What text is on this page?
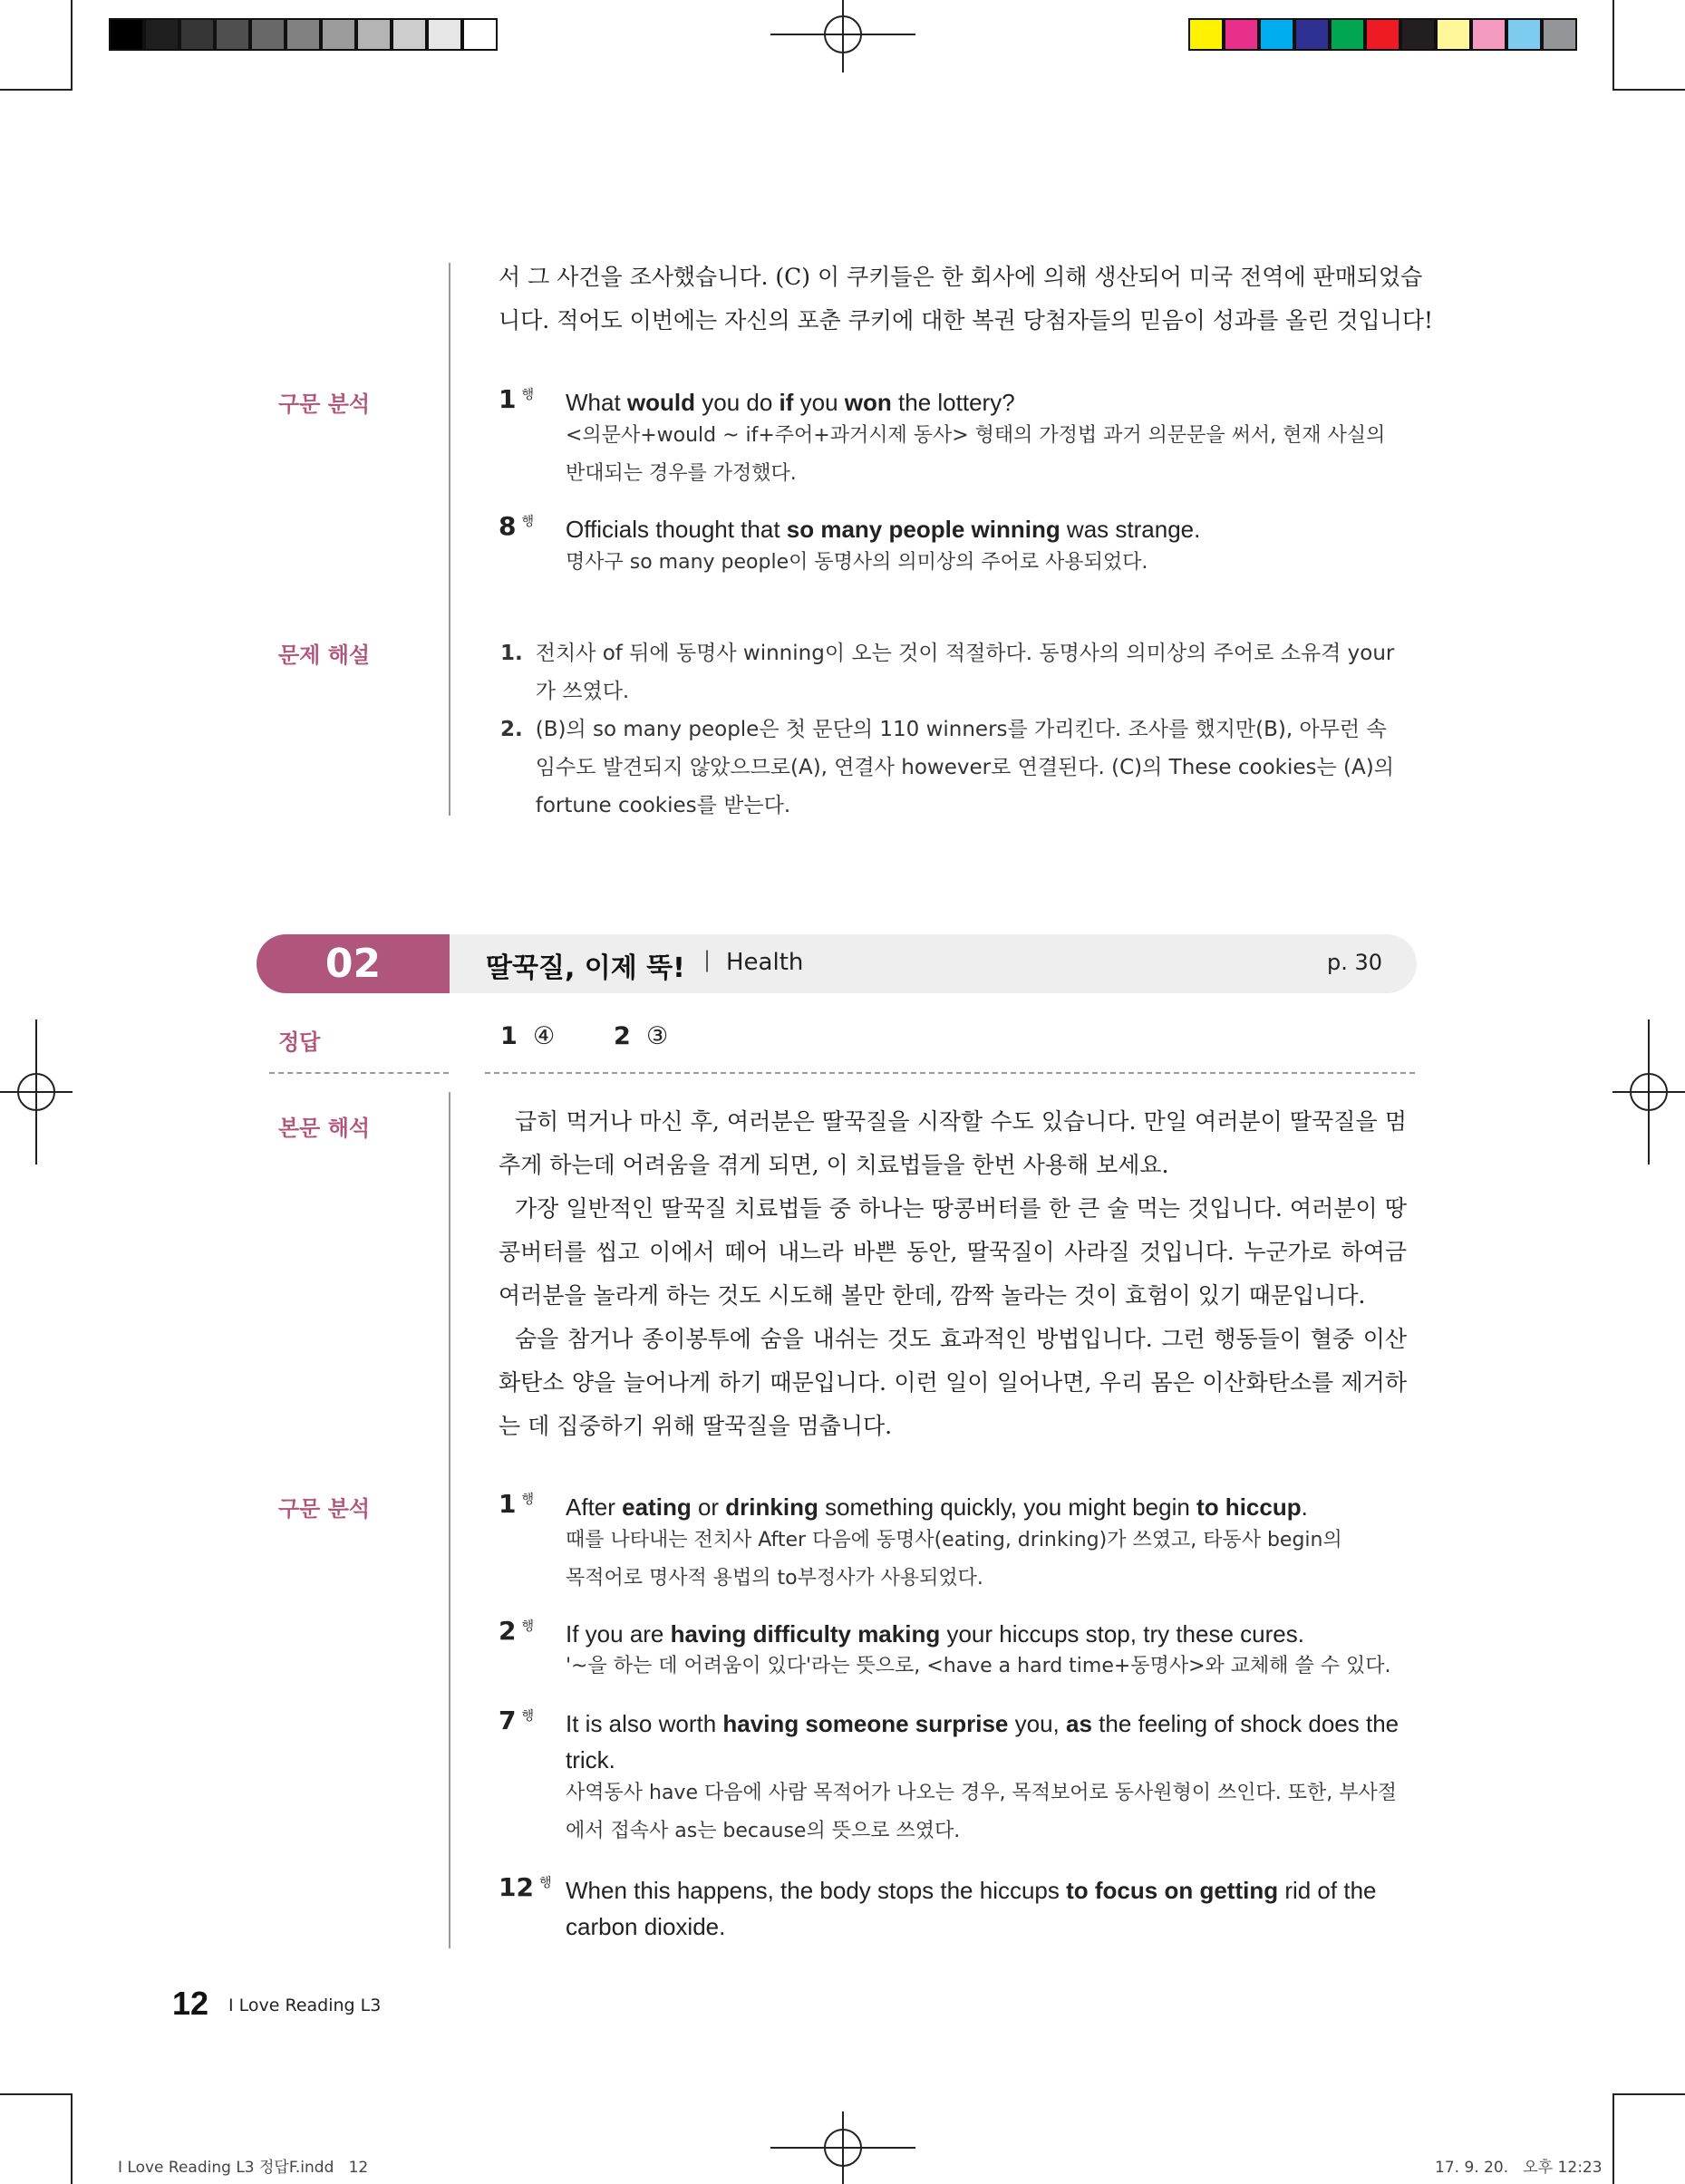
서 그 사건을 조사했습니다. (C) 이 쿠키들은 한 회사에 의해 생산되어 미국 전역에 판매되었습
니다. 적어도 이번에는 자신의 포춘 쿠키에 대한 복권 당첨자들의 믿음이 성과를 올린 것입니다!
구문 분석	1 $^행$ What would you do if you won the lottery?
<의문사+would ~ if+주어+과거시제 동사> 형태의 가정법 과거 의문문을 써서, 현재 사실의
반대되는 경우를 가정했다.
8 $^행$ Officials thought that so many people winning was strange.
명사구 so many people이 동명사의 의미상의 주어로 사용되었다.
문제 해설	1. 전치사 of 뒤에 동명사 winning이 오는 것이 적절하다. 동명사의 의미상의 주어로 소유격 your가 쓰였다.
2. (B)의 so many people은 첫 문단의 110 winners를 가리킨다. 조사를 했지만(B), 아무런 속임수도 발견되지 않았으므로(A), 연결사 however로 연결된다. (C)의 These cookies는 (A)의 fortune cookies를 받는다.
02	딸꾹질, 이제 뚝! | Health	p. 30
정답	1 ④ 2 ③
본문 해석	급히 먹거나 마신 후, 여러분은 딸꾹질을 시작할 수도 있습니다. 만일 여러분이 딸꾹질을 멈추게 하는데 어려움을 겪게 되면, 이 치료법들을 한번 사용해 보세요.

가장 일반적인 딸꾹질 치료법들 중 하나는 땅콩버터를 한 큰 술 먹는 것입니다. 여러분이 땅콩버터를 씹고 이에서 떼어 내느라 바쁜 동안, 딸꾹질이 사라질 것입니다. 누군가로 하여금 여러분을 놀라게 하는 것도 시도해 볼만 한데, 깜짝 놀라는 것이 효험이 있기 때문입니다.

숨을 참거나 종이봉투에 숨을 내쉬는 것도 효과적인 방법입니다. 그런 행동들이 혈중 이산화탄소 양을 늘어나게 하기 때문입니다. 이런 일이 일어나면, 우리 몸은 이산화탄소를 제거하는 데 집중하기 위해 딸꾹질을 멈춥니다.

구문 분석	1 $^행$ After eating or drinking something quickly, you might begin to hiccup.
때를 나타내는 전치사 After 다음에 동명사(eating, drinking)가 쓰였고, 타동사 begin의
목적어로 명사적 용법의 to부정사가 사용되었다.
2 $^행$ If you are having difficulty making your hiccups stop, try these cures.
'~을 하는 데 어려움이 있다'라는 뜻으로, <have a hard time+동명사>와 교체해 쓸 수 있다.
7 $^행$ It is also worth having someone surprise you, as the feeling of shock does the trick.
사역동사 have 다음에 사람 목적어가 나오는 경우, 목적보어로 동사원형이 쓰인다. 또한, 부사절
에서 접속사 as는 because의 뜻으로 쓰였다.
12 $^행$ When this happens, the body stops the hiccups to focus on getting rid of the carbon dioxide.
12 I Love Reading L3
I Love Reading L3 정답F.indd   12	17. 9. 20.   오후 12:23
